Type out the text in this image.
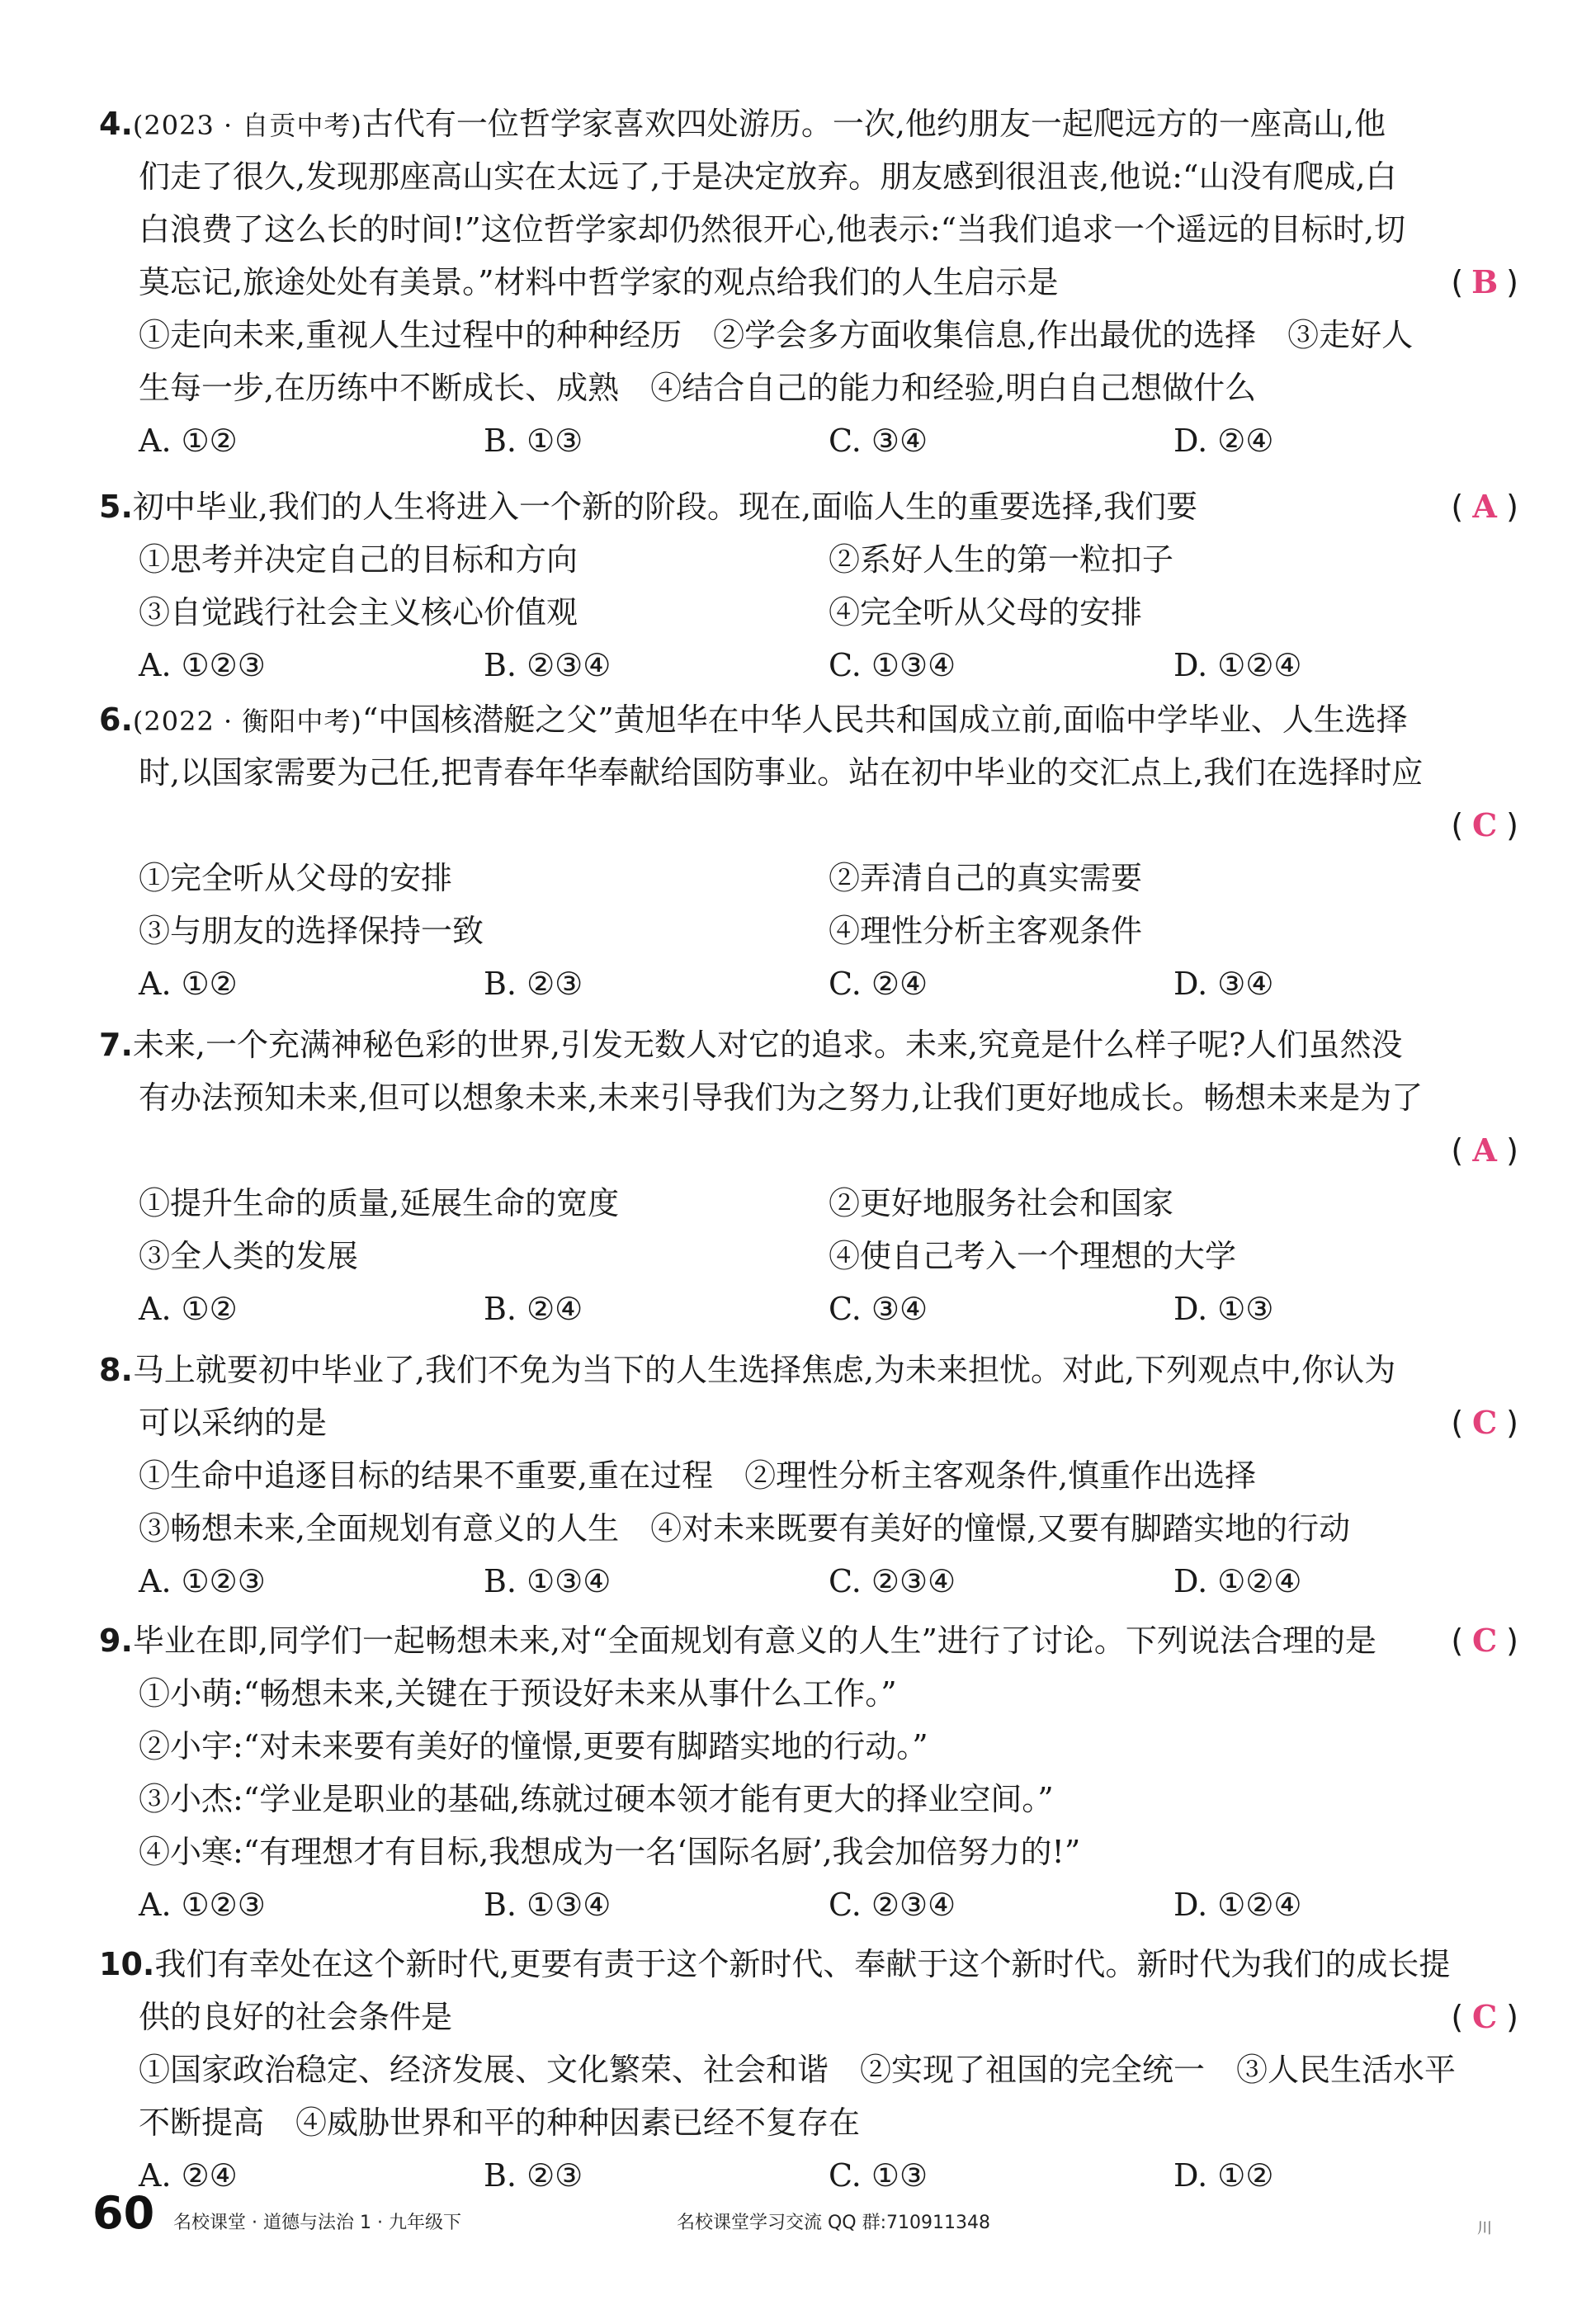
4.(2023 · 自贡中考)古代有一位哲学家喜欢四处游历。一次,他约朋友一起爬远方的一座高山,他
们走了很久,发现那座高山实在太远了,于是决定放弃。朋友感到很沮丧,他说:“山没有爬成,白
白浪费了这么长的时间!”这位哲学家却仍然很开心,他表示:“当我们追求一个遥远的目标时,切
莫忘记,旅途处处有美景。”材料中哲学家的观点给我们的人生启示是	( B )
①走向未来,重视人生过程中的种种经历　②学会多方面收集信息,作出最优的选择　③走好人
生每一步,在历练中不断成长、成熟　④结合自己的能力和经验,明白自己想做什么
A. ①②	B. ①③	C. ③④	D. ②④
5.初中毕业,我们的人生将进入一个新的阶段。现在,面临人生的重要选择,我们要	( A )
①思考并决定自己的目标和方向	②系好人生的第一粒扣子
③自觉践行社会主义核心价值观	④完全听从父母的安排
A. ①②③	B. ②③④	C. ①③④	D. ①②④
6.(2022 · 衡阳中考)“中国核潜艇之父”黄旭华在中华人民共和国成立前,面临中学毕业、人生选择
时,以国家需要为己任,把青春年华奉献给国防事业。站在初中毕业的交汇点上,我们在选择时应
( C )
①完全听从父母的安排	②弄清自己的真实需要
③与朋友的选择保持一致	④理性分析主客观条件
A. ①②	B. ②③	C. ②④	D. ③④
7.未来,一个充满神秘色彩的世界,引发无数人对它的追求。未来,究竟是什么样子呢?人们虽然没
有办法预知未来,但可以想象未来,未来引导我们为之努力,让我们更好地成长。畅想未来是为了
( A )
①提升生命的质量,延展生命的宽度	②更好地服务社会和国家
③全人类的发展	④使自己考入一个理想的大学
A. ①②	B. ②④	C. ③④	D. ①③
8.马上就要初中毕业了,我们不免为当下的人生选择焦虑,为未来担忧。对此,下列观点中,你认为
可以采纳的是	( C )
①生命中追逐目标的结果不重要,重在过程　②理性分析主客观条件,慎重作出选择
③畅想未来,全面规划有意义的人生　④对未来既要有美好的憧憬,又要有脚踏实地的行动
A. ①②③	B. ①③④	C. ②③④	D. ①②④
9.毕业在即,同学们一起畅想未来,对“全面规划有意义的人生”进行了讨论。下列说法合理的是 ( C )
①小萌:“畅想未来,关键在于预设好未来从事什么工作。”
②小宇:“对未来要有美好的憧憬,更要有脚踏实地的行动。”
③小杰:“学业是职业的基础,练就过硬本领才能有更大的择业空间。”
④小寒:“有理想才有目标,我想成为一名‘国际名厨’,我会加倍努力的!”
A. ①②③	B. ①③④	C. ②③④	D. ①②④
10.我们有幸处在这个新时代,更要有责于这个新时代、奉献于这个新时代。新时代为我们的成长提
供的良好的社会条件是	( C )
①国家政治稳定、经济发展、文化繁荣、社会和谐　②实现了祖国的完全统一　③人民生活水平
不断提高　④威胁世界和平的种种因素已经不复存在
A. ②④	B. ②③	C. ①③	D. ①②
60 名校课堂 · 道德与法治 1 · 九年级下	名校课堂学习交流 QQ 群:710911348	川
